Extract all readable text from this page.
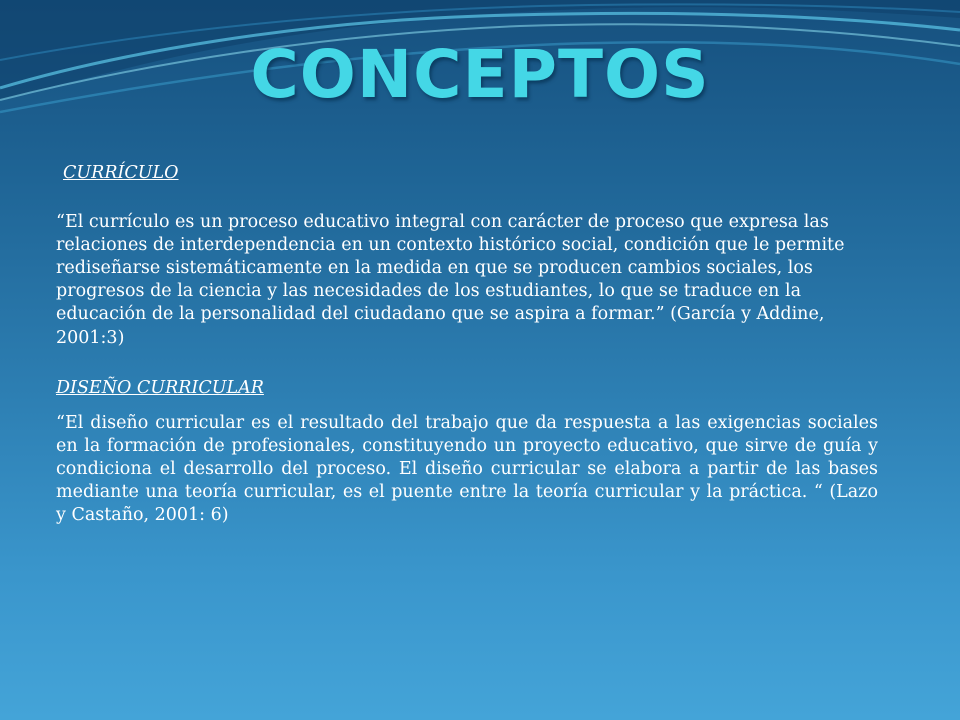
CONCEPTOS

CURRÍCULO

“El currículo es un proceso educativo integral con carácter de proceso que expresa las relaciones de interdependencia en un contexto histórico social, condición que le permite rediseñarse sistemáticamente en la medida en que se producen cambios sociales, los progresos de la ciencia y las necesidades de los estudiantes, lo que se traduce en la educación de la personalidad del ciudadano que se aspira a formar.” (García y Addine, 2001:3)

DISEÑO CURRICULAR

“El diseño curricular es el resultado del trabajo que da respuesta a las exigencias sociales en la formación de profesionales, constituyendo un proyecto educativo, que sirve de guía y condiciona el desarrollo del proceso. El diseño curricular se elabora a partir de las bases mediante una teoría curricular, es el puente entre la teoría curricular y la práctica. “ (Lazo y Castaño, 2001: 6)
